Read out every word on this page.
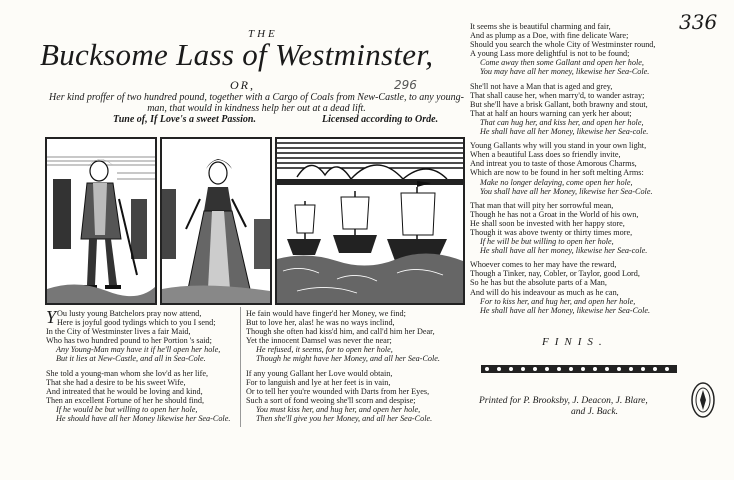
336
THE
Bucksome Lass of Westminster,
OR,	296
Her kind proffer of two hundred pound, together with a Cargo of Coals from New-Castle, to any young-man, that would in kindness help her out at a dead lift.
Tune of, If Love's a sweet Passion.	Licensed according to Orde.
Y Ou lusty young Batchelors pray now attend,
Here is joyful good tydings which to you I send;
In the City of Westminster lives a fair Maid,
Who has two hundred pound to her Portion 's said;
Any Young-Man may have it if he'll open her hole,
But it lies at New-Castle, and all in Sea-Cole.
She told a young-man whom she lov'd as her life,
That she had a desire to be his sweet Wife,
And intreated that he would be loving and kind,
Then an excellent Fortune of her he should find,
If he would be but willing to open her hole,
He should have all her Money likewise her Sea-Cole.
He fain would have finger'd her Money, we find;
But to love her, alas! he was no ways inclind,
Though she often had kiss'd him, and call'd him her Dear,
Yet the innocent Damsel was never the near;
He refused, it seems, for to open her hole,
Though he might have her Money, and all her Sea-Cole.
If any young Gallant her Love would obtain,
For to languish and lye at her feet is in vain,
Or to tell her you're wounded with Darts from her Eyes,
Such a sort of fond weoing she'll scorn and despise;
You must kiss her, and hug her, and open her hole,
Then she'll give you her Money, and all her Sea-Cole.
It seems she is beautiful charming and fair,
And as plump as a Doe, with fine delicate Ware;
Should you search the whole City of Westminster round,
A young Lass more delightful is not to be found;
Come away then some Gallant and open her hole,
You may have all her money, likewise her Sea-Cole.
She'll not have a Man that is aged and grey,
That shall cause her, when marry'd, to wander astray;
But she'll have a brisk Gallant, both brawny and stout,
That at half an hours warning can yerk her about;
That can hug her, and kiss her, and open her hole,
He shall have all her Money, likewise her Sea-cole.
Young Gallants why will you stand in your own light,
When a beautiful Lass does so friendly invite,
And intreat you to taste of those Amorous Charms,
Which are now to be found in her soft melting Arms:
Make no longer delaying, come open her hole,
You shall have all her Money, likewise her Sea-Cole.
That man that will pity her sorrowful mean,
Though he has not a Groat in the World of his own,
He shall soon be invested with her happy store,
Though it was above twenty or thirty times more,
If he will be but willing to open her hole,
He shall have all her money, likewise her Sea-cole.
Whoever comes to her may have the reward,
Though a Tinker, nay, Cobler, or Taylor, good Lord,
So he has but the absolute parts of a Man,
And will do his indeavour as much as he can,
For to kiss her, and hug her, and open her hole,
He shall have all her Money, likewise her Sea-Cole.
FINIS.
Printed for P. Brooksby, J. Deacon, J. Blare,
and J. Back.
